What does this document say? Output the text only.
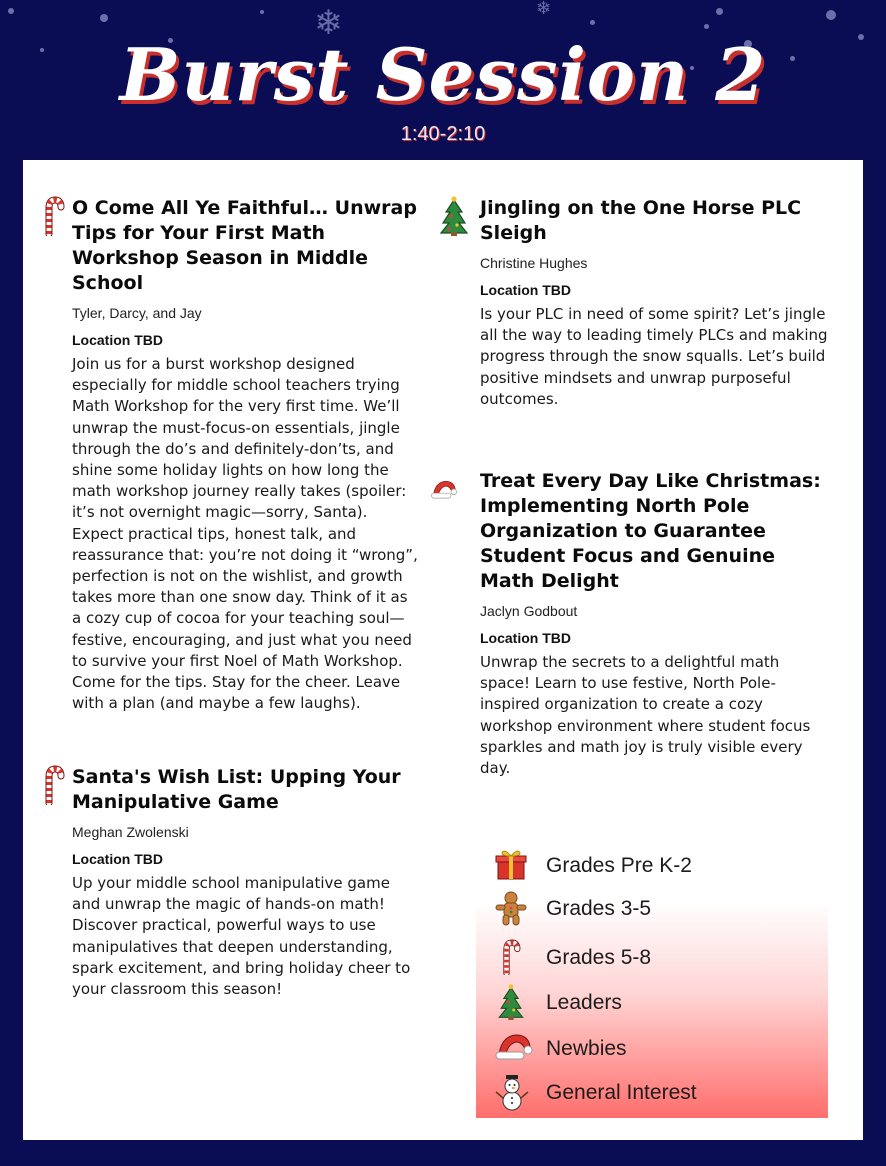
❄	❄
Burst Session 2
1:40-2:10
O Come All Ye Faithful… Unwrap Tips for Your First Math Workshop Season in Middle School
Tyler, Darcy, and Jay
Location TBD
Join us for a burst workshop designed especially for middle school teachers trying Math Workshop for the very first time. We’ll unwrap the must-focus-on essentials, jingle through the do’s and definitely-don’ts, and shine some holiday lights on how long the math workshop journey really takes (spoiler: it’s not overnight magic—sorry, Santa). Expect practical tips, honest talk, and reassurance that: you’re not doing it “wrong”, perfection is not on the wishlist, and growth takes more than one snow day. Think of it as a cozy cup of cocoa for your teaching soul—festive, encouraging, and just what you need to survive your first Noel of Math Workshop. Come for the tips. Stay for the cheer. Leave with a plan (and maybe a few laughs).
Santa's Wish List: Upping Your Manipulative Game
Meghan Zwolenski
Location TBD
Up your middle school manipulative game and unwrap the magic of hands-on math! Discover practical, powerful ways to use manipulatives that deepen understanding, spark excitement, and bring holiday cheer to your classroom this season!
Jingling on the One Horse PLC Sleigh
Christine Hughes
Location TBD
Is your PLC in need of some spirit? Let’s jingle all the way to leading timely PLCs and making progress through the snow squalls. Let’s build positive mindsets and unwrap purposeful outcomes.
Treat Every Day Like Christmas: Implementing North Pole Organization to Guarantee Student Focus and Genuine Math Delight
Jaclyn Godbout
Location TBD
Unwrap the secrets to a delightful math space! Learn to use festive, North Pole-inspired organization to create a cozy workshop environment where student focus sparkles and math joy is truly visible every day.
Grades Pre K-2
Grades 3-5
Grades 5-8
Leaders
Newbies
General Interest
